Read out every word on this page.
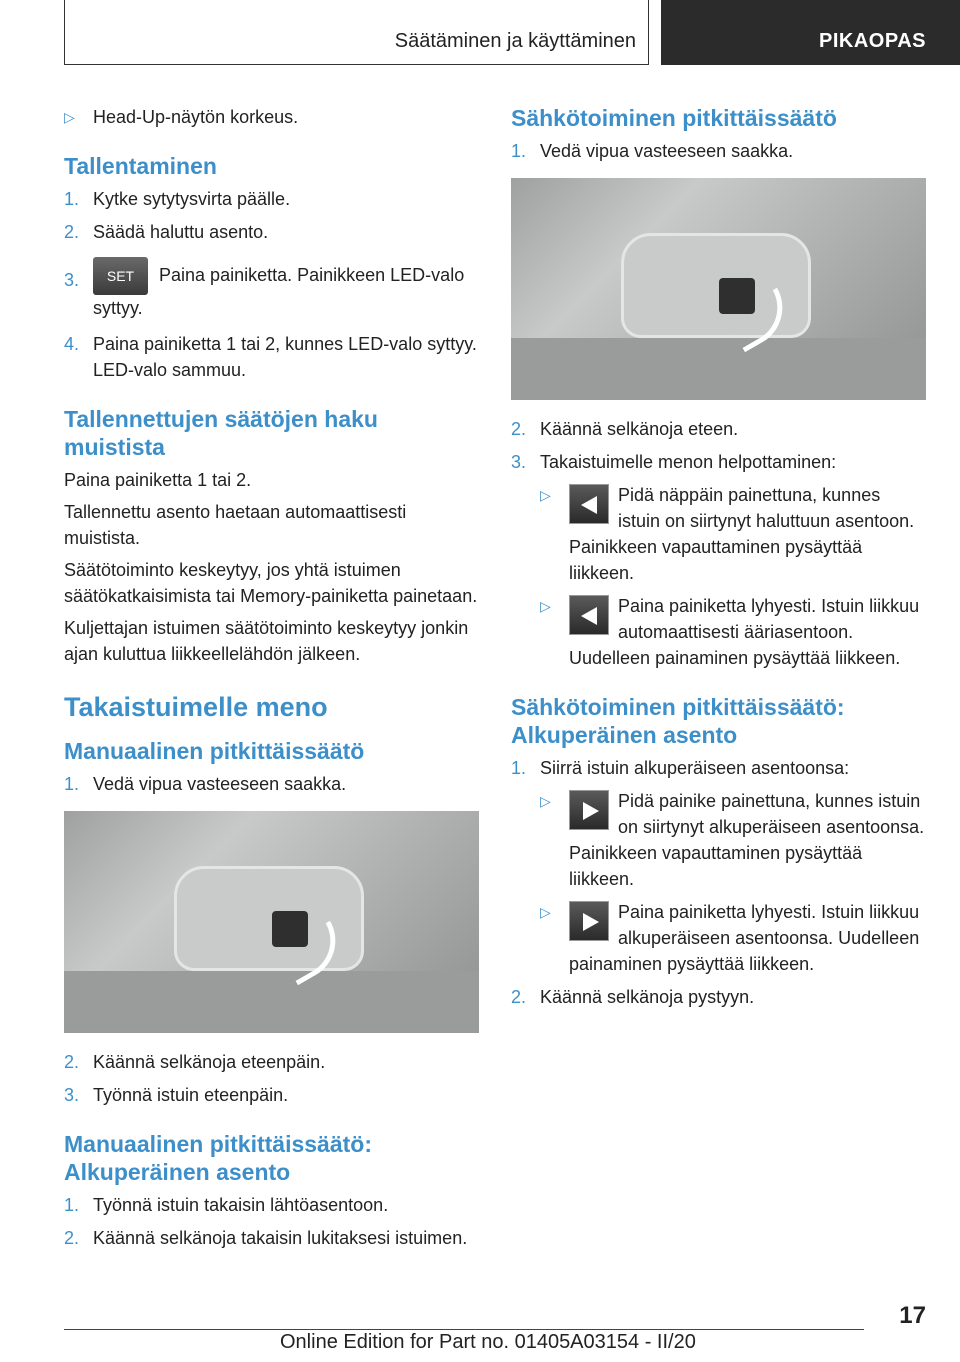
Säätäminen ja käyttäminen	PIKAOPAS
▷ Head-Up-näytön korkeus.
Tallentaminen
1. Kytke sytytysvirta päälle.
2. Säädä haluttu asento.
3. SET Paina painiketta. Painikkeen LED-valo syttyy.
4. Paina painiketta 1 tai 2, kunnes LED-valo syttyy. LED-valo sammuu.
Tallennettujen säätöjen haku muistista
Paina painiketta 1 tai 2.
Tallennettu asento haetaan automaattisesti muistista.
Säätötoiminto keskeytyy, jos yhtä istuimen säätökatkaisimista tai Memory-painiketta painetaan.
Kuljettajan istuimen säätötoiminto keskeytyy jonkin ajan kuluttua liikkeellelähdön jälkeen.
Takaistuimelle meno
Manuaalinen pitkittäissäätö
1. Vedä vipua vasteeseen saakka.
2. Käännä selkänoja eteenpäin.
3. Työnnä istuin eteenpäin.
Manuaalinen pitkittäissäätö: Alkuperäinen asento
1. Työnnä istuin takaisin lähtöasentoon.
2. Käännä selkänoja takaisin lukitaksesi istuimen.
Sähkötoiminen pitkittäissäätö
1. Vedä vipua vasteeseen saakka.
2. Käännä selkänoja eteen.
3. Takaistuimelle menon helpottaminen:
▷	Pidä näppäin painettuna, kunnes istuin on siirtynyt haluttuun asentoon. Painikkeen vapauttaminen pysäyttää liikkeen.
▷	Paina painiketta lyhyesti. Istuin liikkuu automaattisesti ääriasentoon. Uudelleen painaminen pysäyttää liikkeen.
Sähkötoiminen pitkittäissäätö: Alkuperäinen asento
1. Siirrä istuin alkuperäiseen asentoonsa:
▷	Pidä painike painettuna, kunnes istuin on siirtynyt alkuperäiseen asentoonsa. Painikkeen vapauttaminen pysäyttää liikkeen.
▷	Paina painiketta lyhyesti. Istuin liikkuu alkuperäiseen asentoonsa. Uudelleen painaminen pysäyttää liikkeen.
2. Käännä selkänoja pystyyn.
17
Online Edition for Part no. 01405A03154 - II/20
